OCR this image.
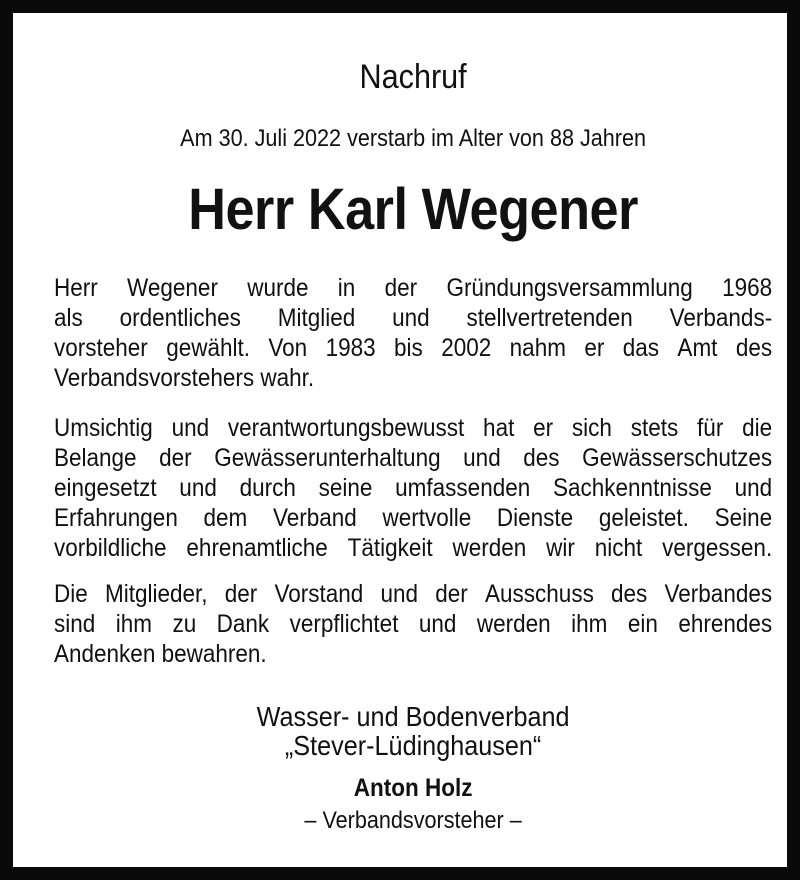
Nachruf
Am 30. Juli 2022 verstarb im Alter von 88 Jahren
Herr Karl Wegener
Herr Wegener wurde in der Gründungsversammlung 1968
als ordentliches Mitglied und stellvertretenden Verbands-
vorsteher gewählt. Von 1983 bis 2002 nahm er das Amt des
Verbandsvorstehers wahr.
Umsichtig und verantwortungsbewusst hat er sich stets für die
Belange der Gewässerunterhaltung und des Gewässerschutzes
eingesetzt und durch seine umfassenden Sachkenntnisse und
Erfahrungen dem Verband wertvolle Dienste geleistet. Seine
vorbildliche ehrenamtliche Tätigkeit werden wir nicht vergessen.
Die Mitglieder, der Vorstand und der Ausschuss des Verbandes
sind ihm zu Dank verpflichtet und werden ihm ein ehrendes
Andenken bewahren.
Wasser- und Bodenverband
„Stever-Lüdinghausen“
Anton Holz
– Verbandsvorsteher –
